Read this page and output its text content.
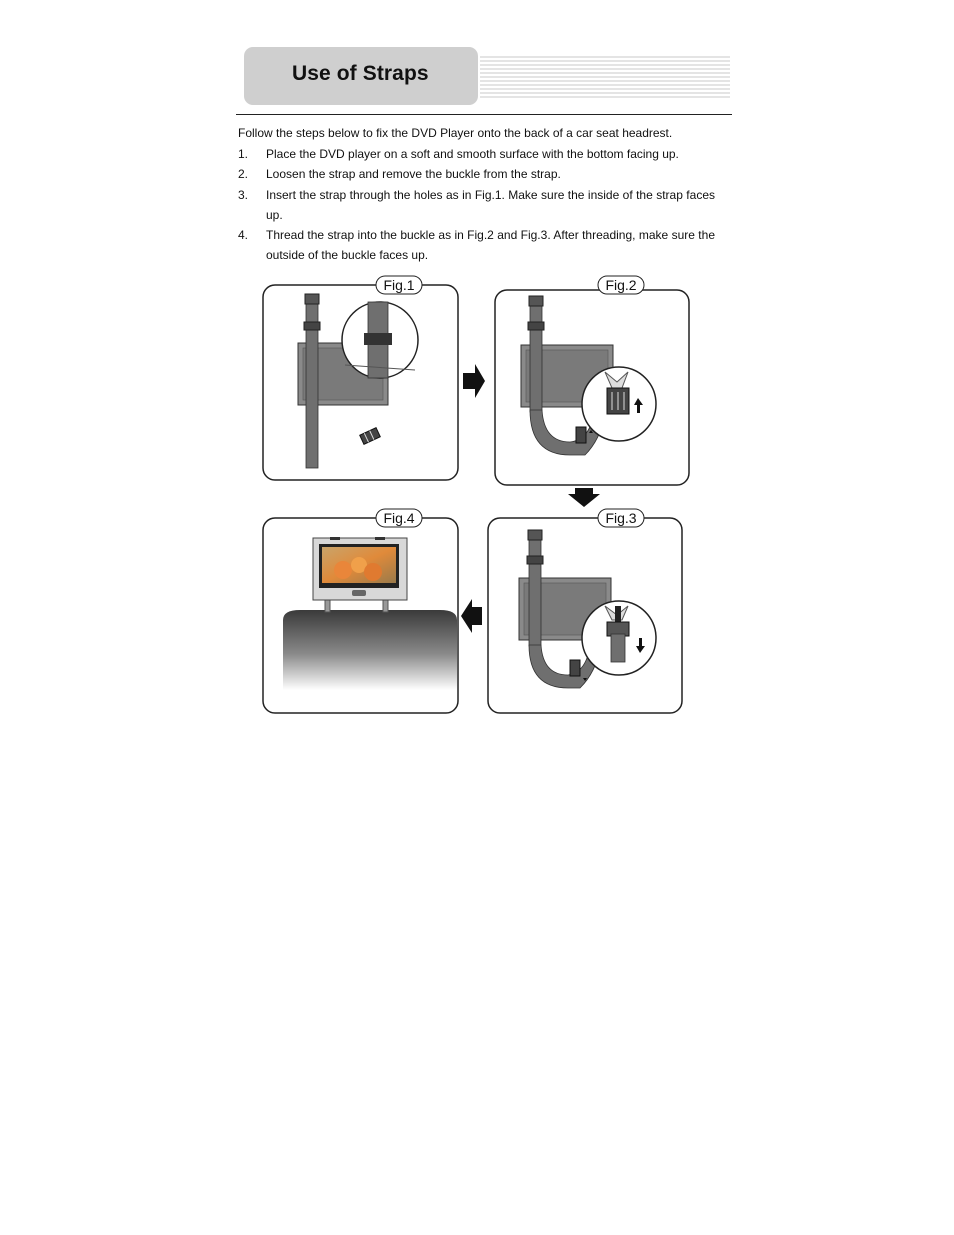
Use of Straps
Follow the steps below to fix the DVD Player onto the back of a car seat headrest.
1. Place the DVD player on a soft and smooth surface with the bottom facing up.
2. Loosen the strap and remove the buckle from the strap.
3. Insert the strap through the holes as in Fig.1. Make sure the inside of the strap faces up.
4. Thread the strap into the buckle as in Fig.2 and Fig.3. After threading, make sure the outside of the buckle faces up.
Fig.1	Fig.2
Fig.4	Fig.3
